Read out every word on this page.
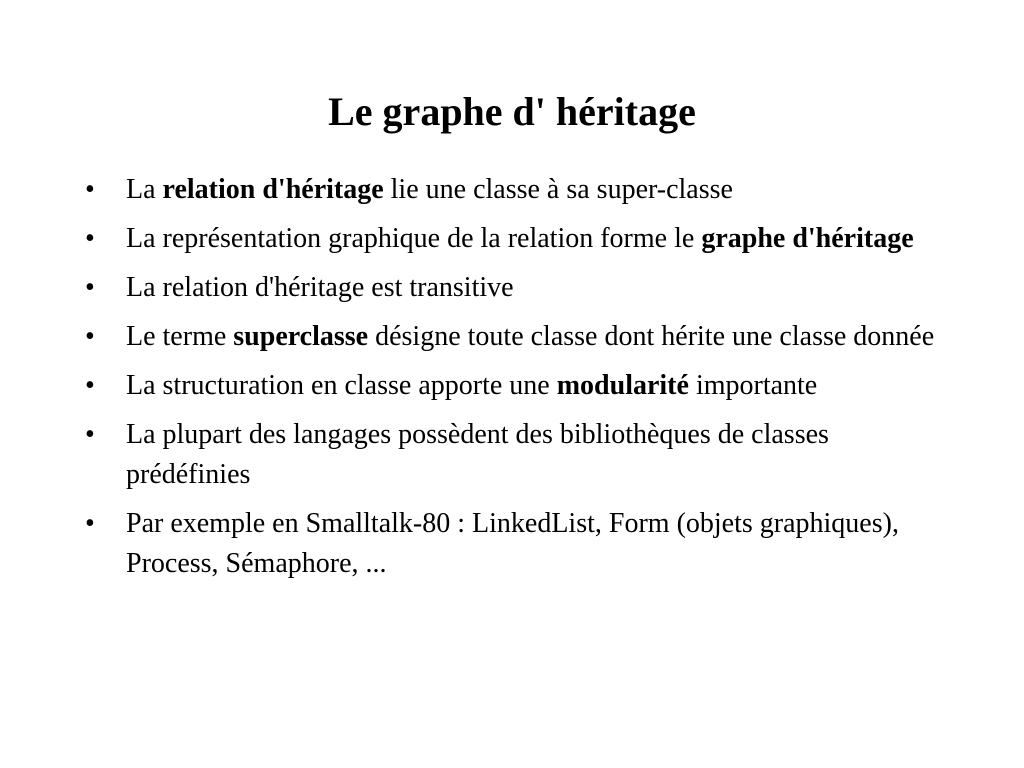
Le graphe d' héritage
• La relation d'héritage lie une classe à sa super-classe
• La représentation graphique de la relation forme le graphe d'héritage
• La relation d'héritage est transitive
• Le terme superclasse désigne toute classe dont hérite une classe donnée
• La structuration en classe apporte une modularité importante
• La plupart des langages possèdent des bibliothèques de classes prédéfinies
• Par exemple en Smalltalk-80 : LinkedList, Form (objets graphiques), Process, Sémaphore, ...
